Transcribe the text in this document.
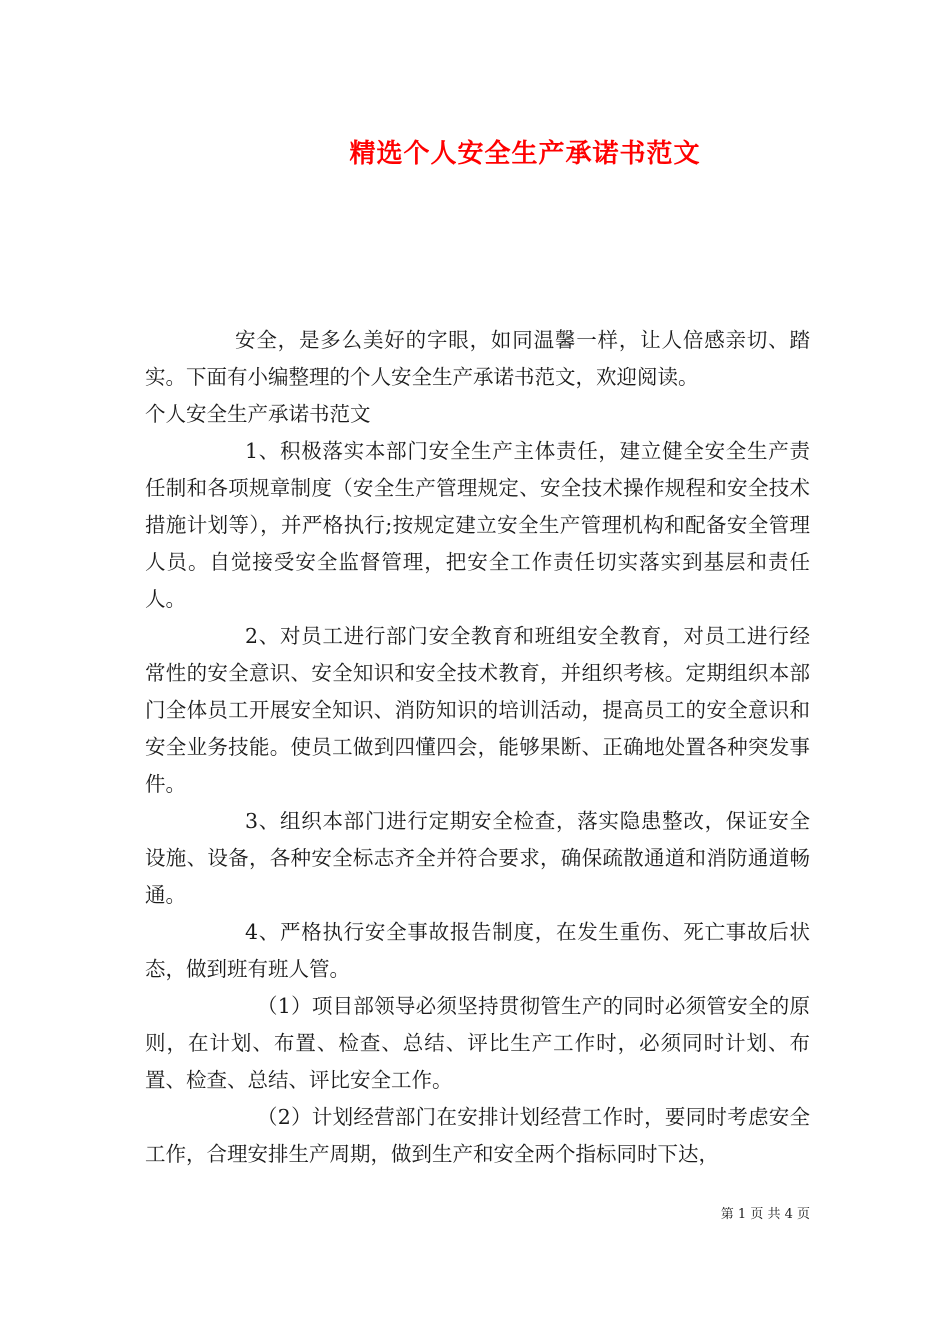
精选个人安全生产承诺书范文

安全，是多么美好的字眼，如同温馨一样，让人倍感亲切、踏实。下面有小编整理的个人安全生产承诺书范文，欢迎阅读。

个人安全生产承诺书范文

1、积极落实本部门安全生产主体责任，建立健全安全生产责任制和各项规章制度（安全生产管理规定、安全技术操作规程和安全技术措施计划等），并严格执行;按规定建立安全生产管理机构和配备安全管理人员。自觉接受安全监督管理，把安全工作责任切实落实到基层和责任人。

2、对员工进行部门安全教育和班组安全教育，对员工进行经常性的安全意识、安全知识和安全技术教育，并组织考核。定期组织本部门全体员工开展安全知识、消防知识的培训活动，提高员工的安全意识和安全业务技能。使员工做到四懂四会，能够果断、正确地处置各种突发事件。

3、组织本部门进行定期安全检查，落实隐患整改，保证安全设施、设备，各种安全标志齐全并符合要求，确保疏散通道和消防通道畅通。

4、严格执行安全事故报告制度，在发生重伤、死亡事故后状态，做到班有班人管。

（1）项目部领导必须坚持贯彻管生产的同时必须管安全的原则，在计划、布置、检查、总结、评比生产工作时，必须同时计划、布置、检查、总结、评比安全工作。

（2）计划经营部门在安排计划经营工作时，要同时考虑安全工作，合理安排生产周期，做到生产和安全两个指标同时下达，

第 1 页 共 4 页
